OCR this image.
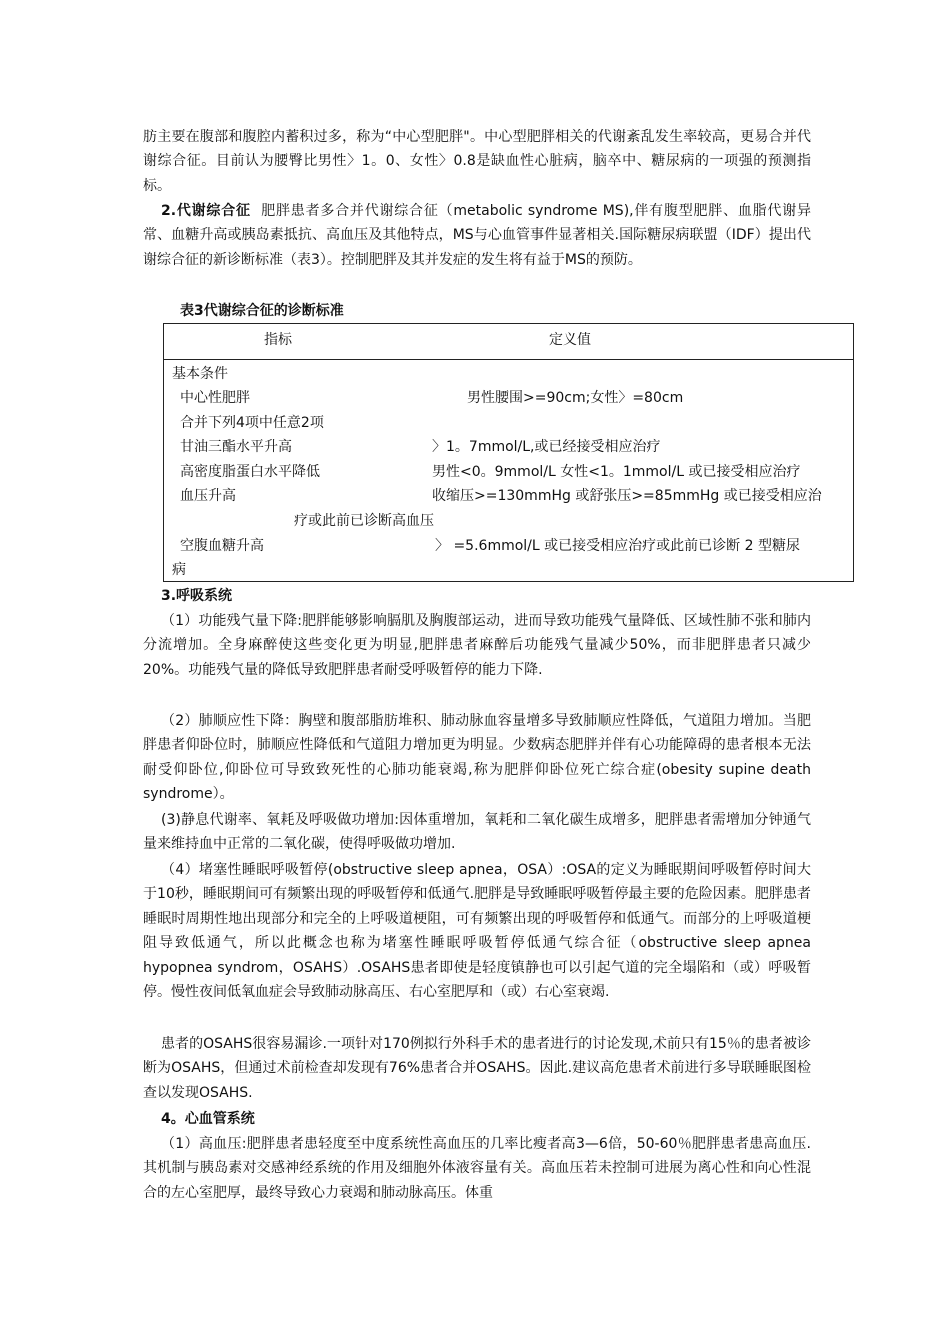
肪主要在腹部和腹腔内蓄积过多，称为“中心型肥胖"。中心型肥胖相关的代谢紊乱发生率较高，更易合并代谢综合征。目前认为腰臀比男性〉1。0、女性〉0.8是缺血性心脏病，脑卒中、糖尿病的一项强的预测指标。

2.代谢综合征 肥胖患者多合并代谢综合征（metabolic syndrome MS),伴有腹型肥胖、血脂代谢异常、血糖升高或胰岛素抵抗、高血压及其他特点，MS与心血管事件显著相关.国际糖尿病联盟（IDF）提出代谢综合征的新诊断标准（表3）。控制肥胖及其并发症的发生将有益于MS的预防。

表3代谢综合征的诊断标准

指标	定义值
基本条件
中心性肥胖	男性腰围>=90cm;女性〉=80cm
合并下列4项中任意2项
甘油三酯水平升高	〉1。7mmol/L,或已经接受相应治疗
高密度脂蛋白水平降低	男性<0。9mmol/L 女性<1。1mmol/L 或已接受相应治疗
血压升高	收缩压>=130mmHg 或舒张压>=85mmHg 或已接受相应治
疗或此前已诊断高血压
空腹血糖升高	〉 =5.6mmol/L 或已接受相应治疗或此前已诊断 2 型糖尿
病

3.呼吸系统

（1）功能残气量下降:肥胖能够影响膈肌及胸腹部运动，进而导致功能残气量降低、区域性肺不张和肺内分流增加。全身麻醉使这些变化更为明显,肥胖患者麻醉后功能残气量减少50%，而非肥胖患者只减少20%。功能残气量的降低导致肥胖患者耐受呼吸暂停的能力下降.

（2）肺顺应性下降：胸壁和腹部脂肪堆积、肺动脉血容量增多导致肺顺应性降低，气道阻力增加。当肥胖患者仰卧位时，肺顺应性降低和气道阻力增加更为明显。少数病态肥胖并伴有心功能障碍的患者根本无法耐受仰卧位,仰卧位可导致致死性的心肺功能衰竭,称为肥胖仰卧位死亡综合症(obesity supine death syndrome）。

(3)静息代谢率、氧耗及呼吸做功增加:因体重增加，氧耗和二氧化碳生成增多，肥胖患者需增加分钟通气量来维持血中正常的二氧化碳，使得呼吸做功增加.

（4）堵塞性睡眠呼吸暂停(obstructive sleep apnea，OSA）:OSA的定义为睡眠期间呼吸暂停时间大于10秒，睡眠期间可有频繁出现的呼吸暂停和低通气.肥胖是导致睡眠呼吸暂停最主要的危险因素。肥胖患者睡眠时周期性地出现部分和完全的上呼吸道梗阻，可有频繁出现的呼吸暂停和低通气。而部分的上呼吸道梗阻导致低通气，所以此概念也称为堵塞性睡眠呼吸暂停低通气综合征（obstructive sleep apnea hypopnea syndrom，OSAHS）.OSAHS患者即使是轻度镇静也可以引起气道的完全塌陷和（或）呼吸暂停。慢性夜间低氧血症会导致肺动脉高压、右心室肥厚和（或）右心室衰竭.

患者的OSAHS很容易漏诊.一项针对170例拟行外科手术的患者进行的讨论发现,术前只有15％的患者被诊断为OSAHS，但通过术前检查却发现有76%患者合并OSAHS。因此.建议高危患者术前进行多导联睡眠图检查以发现OSAHS.

4。心血管系统

（1）高血压:肥胖患者患轻度至中度系统性高血压的几率比瘦者高3—6倍，50-60％肥胖患者患高血压.其机制与胰岛素对交感神经系统的作用及细胞外体液容量有关。高血压若未控制可进展为离心性和向心性混合的左心室肥厚，最终导致心力衰竭和肺动脉高压。体重
